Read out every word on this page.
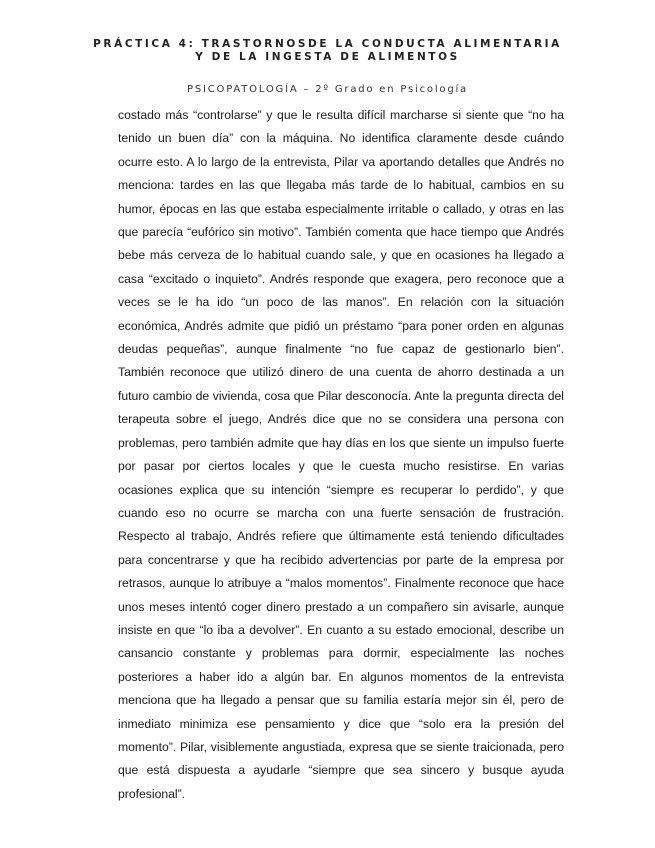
PRÁCTICA 4: TRASTORNOSDE LA CONDUCTA ALIMENTARIA

Y DE LA INGESTA DE ALIMENTOS

PSICOPATOLOGÍA – 2º Grado en Psicología

costado más “controlarse” y que le resulta difícil marcharse si siente que “no ha tenido un buen día” con la máquina. No identifica claramente desde cuándo ocurre esto. A lo largo de la entrevista, Pilar va aportando detalles que Andrés no menciona: tardes en las que llegaba más tarde de lo habitual, cambios en su humor, épocas en las que estaba especialmente irritable o callado, y otras en las que parecía “eufórico sin motivo”. También comenta que hace tiempo que Andrés bebe más cerveza de lo habitual cuando sale, y que en ocasiones ha llegado a casa “excitado o inquieto”. Andrés responde que exagera, pero reconoce que a veces se le ha ido “un poco de las manos”. En relación con la situación económica, Andrés admite que pidió un préstamo “para poner orden en algunas deudas pequeñas”, aunque finalmente “no fue capaz de gestionarlo bien”. También reconoce que utilizó dinero de una cuenta de ahorro destinada a un futuro cambio de vivienda, cosa que Pilar desconocía. Ante la pregunta directa del terapeuta sobre el juego, Andrés dice que no se considera una persona con problemas, pero también admite que hay días en los que siente un impulso fuerte por pasar por ciertos locales y que le cuesta mucho resistirse. En varias ocasiones explica que su intención “siempre es recuperar lo perdido”, y que cuando eso no ocurre se marcha con una fuerte sensación de frustración. Respecto al trabajo, Andrés refiere que últimamente está teniendo dificultades para concentrarse y que ha recibido advertencias por parte de la empresa por retrasos, aunque lo atribuye a “malos momentos”. Finalmente reconoce que hace unos meses intentó coger dinero prestado a un compañero sin avisarle, aunque insiste en que “lo iba a devolver”. En cuanto a su estado emocional, describe un cansancio constante y problemas para dormir, especialmente las noches posteriores a haber ido a algún bar. En algunos momentos de la entrevista menciona que ha llegado a pensar que su familia estaría mejor sin él, pero de inmediato minimiza ese pensamiento y dice que “solo era la presión del momento”. Pilar, visiblemente angustiada, expresa que se siente traicionada, pero que está dispuesta a ayudarle “siempre que sea sincero y busque ayuda profesional”.
